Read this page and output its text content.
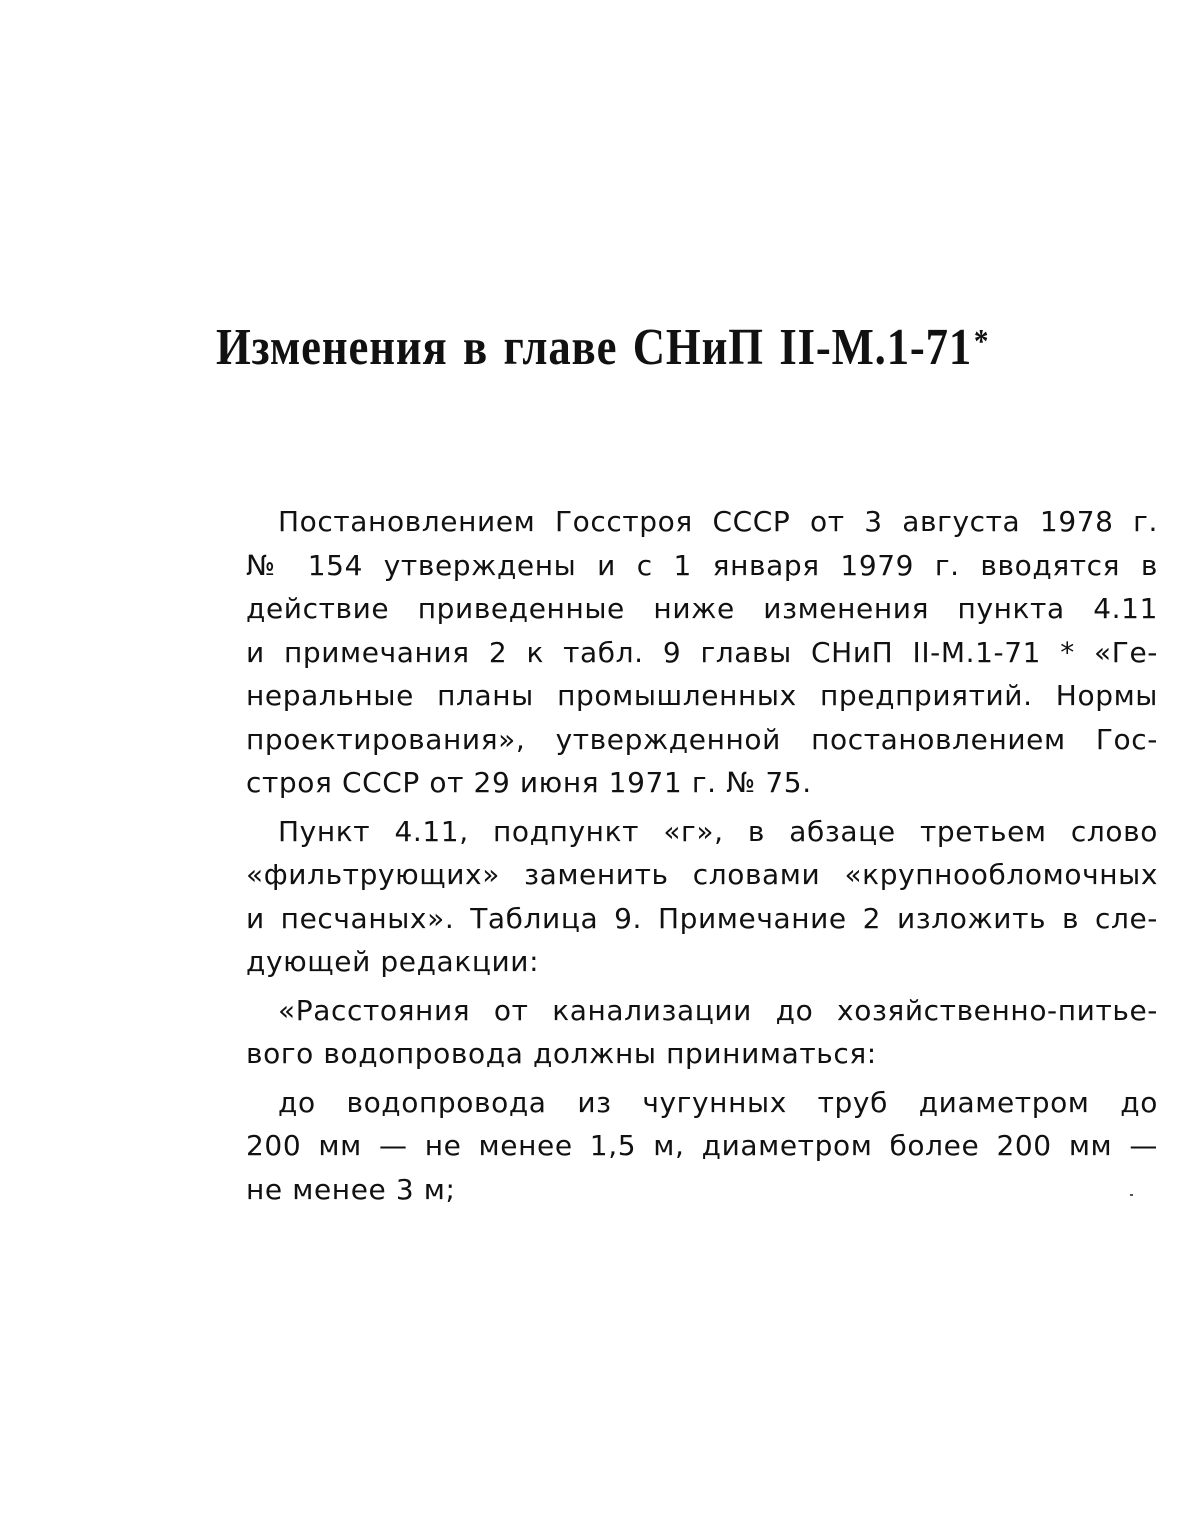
Изменения в главе СНиП II-М.1-71*

Постановлением Госстроя СССР от 3 августа 1978 г.
№ 154 утверждены и с 1 января 1979 г. вводятся в
действие приведенные ниже изменения пункта 4.11
и примечания 2 к табл. 9 главы СНиП II-М.1-71 * «Ге-
неральные планы промышленных предприятий. Нормы
проектирования», утвержденной постановлением Гос-
строя СССР от 29 июня 1971 г. № 75.

Пункт 4.11, подпункт «г», в абзаце третьем слово
«фильтрующих» заменить словами «крупнообломочных
и песчаных». Таблица 9. Примечание 2 изложить в сле-
дующей редакции:

«Расстояния от канализации до хозяйственно-питье-
вого водопровода должны приниматься:

до водопровода из чугунных труб диаметром до
200 мм — не менее 1,5 м, диаметром более 200 мм —
не менее 3 м;
